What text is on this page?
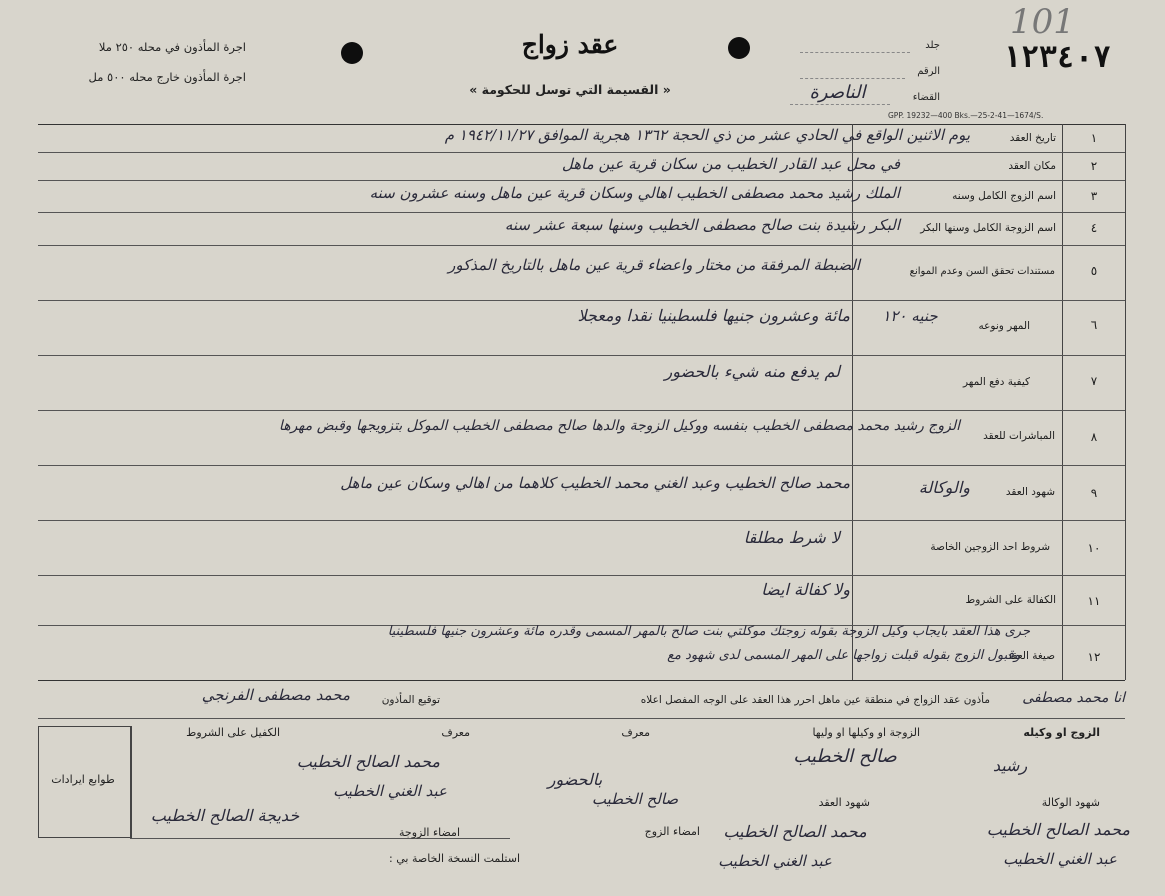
101
اجرة المأذون في محله ٢٥٠ ملا
اجرة المأذون خارج محله ٥٠٠ مل
عقد زواج
« القسيمة التي توسل للحكومة »
جلد
الرقم
القضاء
الناصرة
١٢٣٤٠٧
GPP. 19232—400 Bks.—25-2-41—1674/S.
١
تاريخ العقد
يوم الاثنين الواقع في الحادي عشر من ذي الحجة ١٣٦٢ هجرية الموافق ١٩٤٢/١١/٢٧ م
٢
مكان العقد
في محل عبد القادر الخطيب من سكان قرية عين ماهل
٣
اسم الزوج الكامل وسنه
الملك رشيد محمد مصطفى الخطيب اهالي وسكان قرية عين ماهل وسنه عشرون سنه
٤
اسم الزوجة الكامل وسنها البكر
البكر رشيدة بنت صالح مصطفى الخطيب وسنها سبعة عشر سنه
٥
مستندات تحقق السن وعدم الموانع
الضبطة المرفقة من مختار واعضاء قرية عين ماهل بالتاريخ المذكور
٦
المهر ونوعه
جنيه ١٢٠
مائة وعشرون جنيها فلسطينيا نقدا ومعجلا
٧
كيفية دفع المهر
لم يدفع منه شيء بالحضور
٨
المباشرات للعقد
الزوج رشيد محمد مصطفى الخطيب بنفسه ووكيل الزوجة والدها صالح مصطفى الخطيب الموكل بتزويجها وقبض مهرها
٩
شهود العقد
والوكالة
محمد صالح الخطيب وعبد الغني محمد الخطيب كلاهما من اهالي وسكان عين ماهل
١٠
شروط احد الزوجين الخاصة
لا شرط مطلقا
١١
الكفالة على الشروط
ولا كفالة ايضا
١٢
صيغة العقد
جرى هذا العقد بايجاب وكيل الزوجة بقوله زوجتك موكلتي بنت صالح بالمهر المسمى وقدره مائة وعشرون جنيها فلسطينيا
وقبول الزوج بقوله قبلت زواجها على المهر المسمى لدى شهود مع
انا محمد مصطفى
مأذون عقد الزواج في منطقة عين ماهل احرر هذا العقد على الوجه المفصل اعلاه
توقيع المأذون
محمد مصطفى الفرنجي
طوابع ايرادات
الزوج او وكيله
الزوجة او وكيلها او وليها
معرف
معرف
الكفيل على الشروط
رشيد
صالح الخطيب
بالحضور
صالح الخطيب
محمد الصالح الخطيب
عبد الغني الخطيب
شهود الوكالة
شهود العقد
امضاء الزوج
امضاء الزوجة
استلمت النسخة الخاصة بي :
محمد الصالح الخطيب
عبد الغني الخطيب
محمد الصالح الخطيب
عبد الغني الخطيب
خديجة الصالح الخطيب
